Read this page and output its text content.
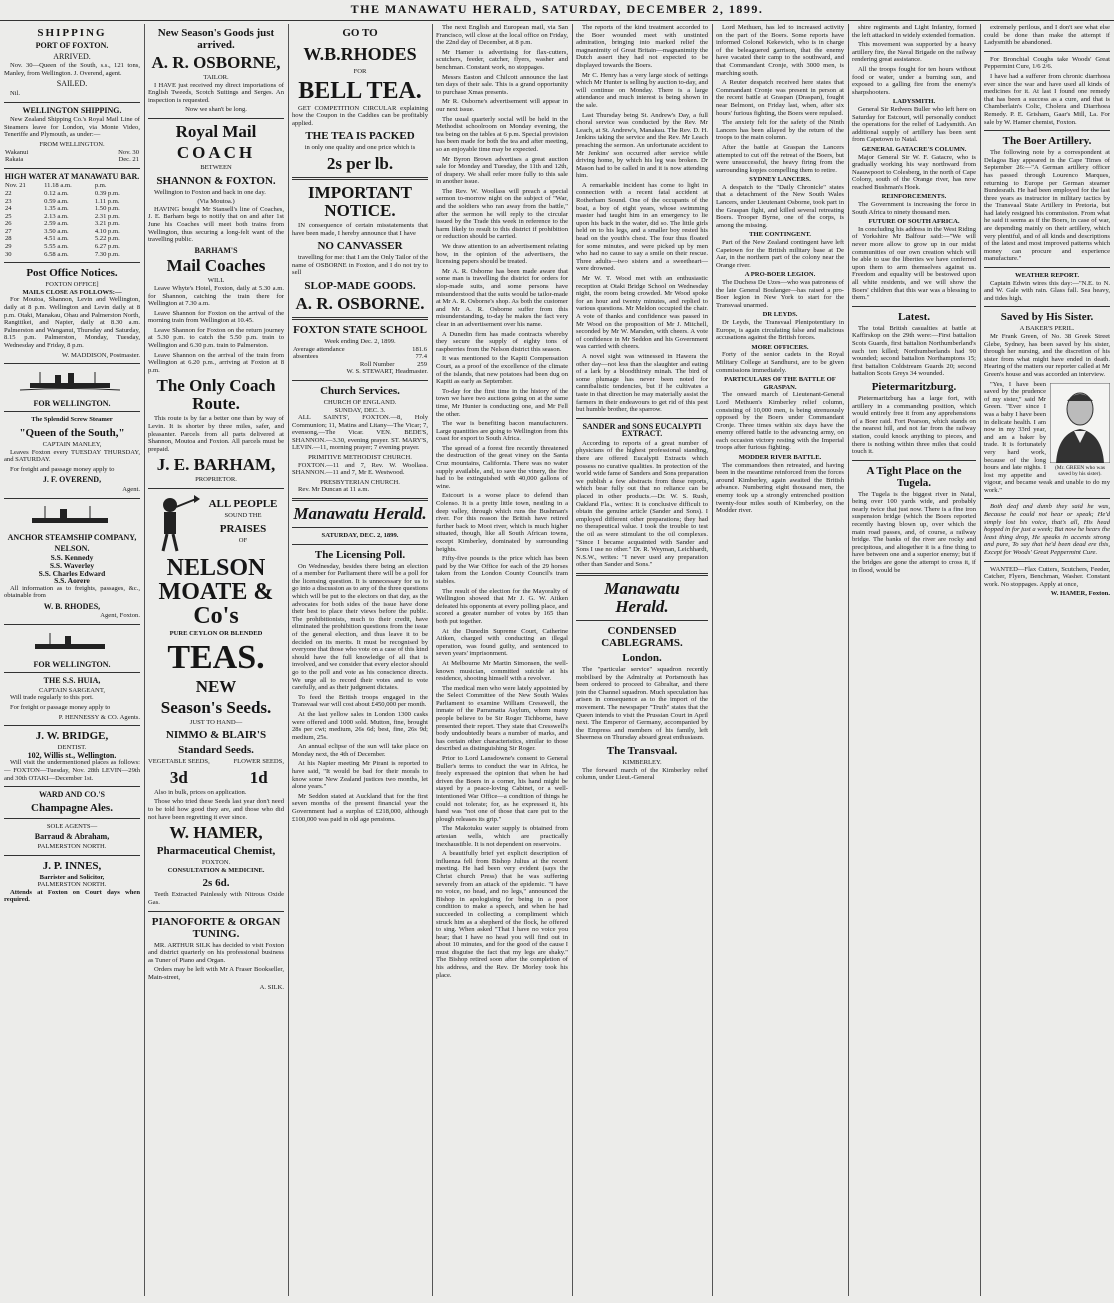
THE MANAWATU HERALD, SATURDAY, DECEMBER 2, 1899.
SHIPPING
PORT OF FOXTON.
ARRIVED.

Nov. 30—Queen of the South, s.s., 121 tons, Manley, from Wellington. J. Overend, agent.

SAILED.

Nil.

WELLINGTON SHIPPING.

New Zealand Shipping Co.'s Royal Mail Line of Steamers leave for London, via Monte Video, Teneriffe and Plymouth, as under:—

FROM WELLINGTON.
Wakanui	Nov. 30
Rakaia	Dec. 21
HIGH WATER AT MANAWATU BAR.
Nov. 21	11.18 a.m.	p.m.
22	0.12 a.m.	0.39 p.m.
23	0.59 a.m.	1.11 p.m.
24	1.35 a.m.	1.50 p.m.
25	2.13 a.m.	2.31 p.m.
26	2.59 a.m.	3.21 p.m.
27	3.50 a.m.	4.10 p.m.
28	4.51 a.m.	5.22 p.m.
29	5.55 a.m.	6.27 p.m.
30	6.58 a.m.	7.30 p.m.
Post Office Notices.
FOXTON OFFICE]
MAILS CLOSE AS FOLLOWS:—

For Moutoa, Shannon, Levin and Wellington, daily at 8 p.m. Wellington and Levin daily at 8 p.m. Otaki, Manakau, Ohau and Palmerston North, Rangitikei, and Napier, daily at 8.30 a.m. Palmerston and Wanganui, Thursday and Saturday, 8.15 p.m. Palmerston, Monday, Tuesday, Wednesday and Friday, 8 p.m.

W. MADDISON, Postmaster.
FOR WELLINGTON.
The Splendid Screw Steamer
"Queen of the South,"
CAPTAIN MANLEY,

Leaves Foxton every TUESDAY THURSDAY, and SATURDAY.

For freight and passage money apply to

J. F. OVEREND,
Agent.
ANCHOR STEAMSHIP COMPANY,
NELSON.
S.S. Kennedy
S.S. Waverley
S.S. Charles Edward
S.S. Aorere

All information as to freights, passages, &c., obtainable from

W. B. RHODES,
Agent, Foxton.
FOR WELLINGTON.
THE S.S. HUIA,
CAPTAIN SARGEANT,

Will trade regularly to this port.

For freight or passage money apply to

P. HENNESSY & CO. Agents.
J. W. BRIDGE,
DENTIST.
102, Willis st., Wellington.

Will visit the undermentioned places as follows:— FOXTON—Tuesday, Nov. 28th LEVIN—29th and 30th OTAKI—December 1st.

WARD AND CO.'S
Champagne Ales.
SOLE AGENTS—
Barraud & Abraham,
PALMERSTON NORTH.
J. P. INNES,
Barrister and Solicitor,
PALMERSTON NORTH.

Attends at Foxton on Court days when required.

New Season's Goods just arrived.
A. R. OSBORNE,
TAILOR.

I HAVE just received my direct importations of English Tweeds, Scotch Suitings and Serges. An inspection is requested.

Now we shan't be long.
Royal Mail
COACH
BETWEEN
SHANNON & FOXTON.

Wellington to Foxton and back in one day.

(Via Moutoa.)

HAVING bought Mr Stansell's line of Coaches, J. E. Barham begs to notify that on and after 1st June his Coaches will meet both trains from Wellington, thus securing a long-felt want of the travelling public.

BARHAM'S
Mail Coaches
WILL

Leave Whyte's Hotel, Foxton, daily at 5.30 a.m. for Shannon, catching the train there for Wellington at 7.30 a.m.

Leave Shannon for Foxton on the arrival of the morning train from Wellington at 10.45.

Leave Shannon for Foxton on the return journey at 5.30 p.m. to catch the 5.50 p.m. train to Wellington and 6.30 p.m. train to Palmerston.

Leave Shannon on the arrival of the train from Wellington at 6.20 p.m., arriving at Foxton at 8 p.m.

The Only Coach Route.

This route is by far a better one than by way of Levin. It is shorter by three miles, safer, and pleasanter. Parcels from all parts delivered at Shannon, Moutoa and Foxton. All parcels must be prepaid.

J. E. BARHAM,
PROPRIETOR.
ALL PEOPLE
SOUND THE
PRAISES
OF
NELSON MOATE & Co's
PURE CEYLON OR BLENDED
TEAS.
NEW
Season's Seeds.
JUST TO HAND—
NIMMO & BLAIR'S
Standard Seeds.
VEGETABLE SEEDS,
3d
FLOWER SEEDS,
1d

Also in bulk, prices on application.

Those who tried these Seeds last year don't need to be told how good they are, and those who did not have been regretting it ever since.

W. HAMER,
Pharmaceutical Chemist,
FOXTON.
CONSULTATION & MEDICINE.
2s 6d.

Teeth Extracted Painlessly with Nitrous Oxide Gas.

PIANOFORTE & ORGAN TUNING.

MR. ARTHUR SILK has decided to visit Foxton and district quarterly on his professional business as Tuner of Piano and Organ.

Orders may be left with Mr A Fraser Bookseller, Main-street,

A. SILK.
GO TO
W.B.RHODES
FOR
BELL TEA.

GET COMPETITION CIRCULAR explaining how the Coupon in the Caddies can be profitably applied.

THE TEA IS PACKED
in only one quality and one price which is
2s per lb.
IMPORTANT NOTICE.

IN consequence of certain misstatements that have been made, I hereby announce that I have

NO CANVASSER

travelling for me: that I am the Only Tailor of the name of OSBORNE in Foxton, and I do not try to sell

SLOP-MADE GOODS.
A. R. OSBORNE.
FOXTON STATE SCHOOL
Week ending Dec. 2, 1899.
Average attendance	181.6
absentees	77.4
Roll Number	259
W. S. STEWART, Headmaster.
Church Services.
CHURCH OF ENGLAND.
SUNDAY, DEC. 3.

ALL SAINTS', FOXTON.—8, Holy Communion; 11, Matins and Litany—The Vicar; 7, evensong,—The Vicar. VEN. BEDE'S, SHANNON.—3.30, evening prayer. ST. MARY'S, LEVIN.—11, morning prayer; 7 evening prayer.

PRIMITIVE METHODIST CHURCH.

FOXTON.—11 and 7, Rev. W. Woollass. SHANNON.—11 and 7, Mr E. Westwood.

PRESBYTERIAN CHURCH.

Rev. Mr Duncan at 11 a.m.

Manawatu Herald.
SATURDAY, DEC. 2, 1899.
The Licensing Poll.

On Wednesday, besides there being an election of a member for Parliament there will be a poll for the licensing question. It is unnecessary for us to go into a discussion as to any of the three questions which will be put to the electors on that day, as the advocates for both sides of the issue have done their best to place their views before the public. The prohibitionists, much to their credit, have eliminated the prohibition questions from the issue of the general election, and thus leave it to be decided on its merits. It must be recognised by everyone that those who vote on a case of this kind should have the full knowledge of all that is involved, and we consider that every elector should go to the poll and vote as his conscience directs. We urge all to record their votes and to vote carefully, and as their judgment dictates.

To feed the British troops engaged in the Transvaal war will cost about £450,000 per month.

At the last yellow sales in London 1300 casks were offered and 1000 sold. Mutton, fine, brought 28s per cwt; medium, 26s 6d; best, fine, 26s 9d; medium, 25s.

An annual eclipse of the sun will take place on Monday next, the 4th of December.

At his Napier meeting Mr Pirani is reported to have said, "It would be bad for their morals to know some New Zealand justices two months, let alone years."

Mr Seddon stated at Auckland that for the first seven months of the present financial year the Government had a surplus of £218,000, although £100,000 was paid in old age pensions.

The next English and European mail, via San Francisco, will close at the local office on Friday, the 22nd day of December, at 8 p.m.

Mr Hamer is advertising for flax-cutters, scutchers, feeder, catcher, flyers, washer and benchman. Constant work, no stoppages.

Messrs Easton and Chilcott announce the last ten days of their sale. This is a grand opportunity to purchase Xmas presents.

Mr R. Osborne's advertisement will appear in our next issue.

The usual quarterly social will be held in the Methodist schoolroom on Monday evening, the tea being on the tables at 6 p.m. Special provision has been made for both the tea and after meeting, so an enjoyable time may be expected.

Mr Byron Brown advertises a great auction sale for Monday and Tuesday, the 11th and 12th, of drapery. We shall refer more fully to this sale in another issue.

The Rev. W. Woollass will preach a special sermon to-morrow night on the subject of "War, and the soldiers who ran away from the battle," after the sermon he will reply to the circular issued by the Trade this week in reference to the harm likely to result to this district if prohibition or reduction should be carried.

We draw attention to an advertisement relating how, in the opinion of the advertisers, the licensing papers should be treated.

Mr A. R. Osborne has been made aware that some man is travelling the district for orders for slop-made suits, and some persons have misunderstood that the suits would be tailor-made at Mr A. R. Osborne's shop. As both the customer and Mr A. R. Osborne suffer from this misunderstanding, to-day he makes the fact very clear in an advertisement over his name.

A Dunedin firm has made contracts whereby they secure the supply of eighty tons of raspberries from the Nelson district this season.

It was mentioned to the Kapiti Compensation Court, as a proof of the excellence of the climate of the islands, that new potatoes had been dug on Kapiti as early as September.

To-day for the first time in the history of the town we have two auctions going on at the same time, Mr Hunter is conducting one, and Mr Fell the other.

The war is benefiting bacon manufacturers. Large quantities are going to Wellington from this coast for export to South Africa.

The spread of a forest fire recently threatened the destruction of the great viney on the Santa Cruz mountains, California. There was no water supply available, and, to save the vinery, the fire had to be extinguished with 40,000 gallons of wine.

Estcourt is a worse place to defend than Colenso. It is a pretty little town, nestling in a deep valley, through which runs the Bushman's river. For this reason the British have retired further back to Mooi river, which is much higher situated, though, like all South African towns, except Kimberley, dominated by surrounding heights.

Fifty-five pounds is the price which has been paid by the War Office for each of the 29 horses taken from the London County Council's tram stables.

The result of the election for the Mayoralty of Wellington showed that Mr J. G. W. Aitken defeated his opponents at every polling place, and scored a greater number of votes by 165 than both put together.

At the Dunedin Supreme Court, Catherine Aitken, charged with conducting an illegal operation, was found guilty, and sentenced to seven years' imprisonment.

At Melbourne Mr Martin Simonsen, the well-known musician, committed suicide at his residence, shooting himself with a revolver.

The medical men who were lately appointed by the Select Committee of the New South Wales Parliament to examine William Cresswell, the inmate of the Parramatta Asylum, whom many people believe to be Sir Roger Tichborne, have presented their report. They state that Cresswell's body undoubtedly bears a number of marks, and has certain other characteristics, similar to those described as distinguishing Sir Roger.

Prior to Lord Lansdowne's consent to General Buller's terms to conduct the war in Africa, he freely expressed the opinion that when he had driven the Boers in a corner, his hand might be stayed by a peace-loving Cabinet, or a well-intentioned War Office—a condition of things he could not tolerate; for, as he expressed it, his hand was "not one of those that care put to the plough releases its grip."

The Makotuku water supply is obtained from artesian wells, which are practically inexhaustible. It is not dependent on reservoirs.

A beautifully brief yet explicit description of influenza fell from Bishop Julius at the recent meeting. He had been very evident (says the Christ church Press) that he was suffering severely from an attack of the epidemic. "I have no voice, no head, and no legs," announced the Bishop in apologising for being in a poor condition to make a speech, and when he had succeeded in collecting a compliment which struck him as a shepherd of the flock, he offered to sing. When asked "That I have no voice you hear; that I have no head you will find out in about 10 minutes, and for the good of the cause I must disguise the fact that my legs are shaky." The Bishop retired soon after the completion of his address, and the Rev. Dr Morley took his place.

The reports of the kind treatment accorded to the Boer wounded meet with unstinted admiration, bringing into marked relief the magnanimity of Great Britain—magnanimity the Dutch assert they had not expected to be displayed towards the Boers.

Mr C. Henry has a very large stock of settings which Mr Hunter is selling by auction to-day, and will continue on Monday. There is a large attendance and much interest is being shown in the sale.

Last Thursday being St. Andrew's Day, a full choral service was conducted by the Rev. Mr Leach, at St. Andrew's, Manakau. The Rev. D. H. Jenkins taking the service and the Rev. Mr Leach preaching the sermon. An unfortunate accident to Mr Jenkins' son occurred after service while driving home, by which his leg was broken. Dr Mason had to be called in and it is now attending him.

A remarkable incident has come to light in connection with a recent fatal accident at Rotherham Sound. One of the occupants of the boat, a boy of eight years, whose swimming master had taught him in an emergency to lie upon his back in the water, did so. The little girls held on to his legs, and a smaller boy rested his head on the youth's chest. The four thus floated for some minutes, and were picked up by men who had no cause to say a smile on their rescue. Three adults—two sisters and a sweetheart—were drowned.

Mr W. T. Wood met with an enthusiastic reception at Otaki Bridge School on Wednesday night, the room being crowded. Mr Wood spoke for an hour and twenty minutes, and replied to various questions. Mr Meldon occupied the chair. A vote of thanks and confidence was passed in Mr Wood on the proposition of Mr J. Mitchell, seconded by Mr W. Marsden, with cheers. A vote of confidence in Mr Seddon and his Government was carried with cheers.

A novel sight was witnessed in Hawera the other day—not less than the slaughter and eating of a lark by a bloodthirsty minah. The bird of some plumage has never been noted for cannibalistic tendencies, but if he cultivates a taste in that direction he may materially assist the farmers in their endeavours to get rid of this pest but humble brother, the sparrow.

SANDER and SONS EUCALYPTI EXTRACT.

According to reports of a great number of physicians of the highest professional standing, there are offered Eucalypti Extracts which possess no curative qualities. In protection of the world wide fame of Sanders and Sons preparation we publish a few abstracts from these reports, which bear fully out that no reliance can be placed in other products.—Dr. W. S. Rush, Oakland Fla., writes: It is conclusive difficult to obtain the genuine article (Sander and Sons). I employed different other preparations; they had no therapeutical value. I took the trouble to test the oil as were stimulant to the oil complexes. "Since I became acquainted with Sander and Sons I use no other." Dr. R. Weyman, Leichhardt, N.S.W., writes: "I never used any preparation other than Sander and Sons."

Manawatu Herald.
CONDENSED CABLEGRAMS.
London.

The "particular service" squadron recently mobilised by the Admiralty at Portsmouth has been ordered to proceed to Gibraltar, and there join the Channel squadron. Much speculation has arisen in consequence as to the import of the movement. The newspaper "Truth" states that the Queen intends to visit the Prussian Court in April next. The Emperor of Germany, accompanied by the Empress and members of his family, left Sheerness on Thursday aboard great enthusiasm.

The Transvaal.
KIMBERLEY.

The forward march of the Kimberley relief column, under Lieut.-General

Lord Methuen, has led to increased activity on the part of the Boers. Some reports have informed Colonel Kekewich, who is in charge of the beleaguered garrison, that the enemy have vacated their camp to the southward, and that Commandant Cronje, with 3000 men, is marching south.

A Reuter despatch received here states that Commandant Cronje was present in person at the recent battle at Graspan (Draspan), fought near Belmont, on Friday last, when, after six hours' furious fighting, the Boers were repulsed.

The anxiety felt for the safety of the Ninth Lancers has been allayed by the return of the troops to the main column.

After the battle at Graspan the Lancers attempted to cut off the retreat of the Boers, but were unsuccessful, the heavy firing from the surrounding kopjes compelling them to retire.

SYDNEY LANCERS.

A despatch to the "Daily Chronicle" states that a detachment of the New South Wales Lancers, under Lieutenant Osborne, took part in the Graspan fight, and killed several retreating Boers. Trooper Byrne, one of the corps, is among the missing.

THE CONTINGENT.

Part of the New Zealand contingent have left Capetown for the British military base at De Aar, in the northern part of the colony near the Orange river.

A PRO-BOER LEGION.

The Duchess De Uzes—who was patroness of the late General Boulanger—has raised a pro-Boer legion in New York to start for the Transvaal unarmed.

DR LEYDS.

Dr Leyds, the Transvaal Plenipotentiary in Europe, is again circulating false and malicious accusations against the British forces.

MORE OFFICERS.

Forty of the senior cadets in the Royal Military College at Sandhurst, are to be given commissions immediately.

PARTICULARS OF THE BATTLE OF GRASPAN.

The onward march of Lieutenant-General Lord Methuen's Kimberley relief column, consisting of 10,000 men, is being strenuously opposed by the Boers under Commandant Cronje. Three times within six days have the enemy offered battle to the advancing army, on each occasion victory resting with the Imperial troops after furious fighting.

MODDER RIVER BATTLE.

The commandoes then retreated, and having been in the meantime reinforced from the forces around Kimberley, again awaited the British advance. Numbering eight thousand men, the enemy took up a strongly entrenched position twenty-four miles south of Kimberley, on the Modder river.

shire regiments and Light Infantry, formed the left attacked in widely extended formation.

This movement was supported by a heavy artillery fire, the Naval Brigade on the railway rendering great assistance.

All the troops fought for ten hours without food or water, under a burning sun, and exposed to a galling fire from the enemy's sharpshooters.

LADYSMITH.

General Sir Redvers Buller who left here on Saturday for Estcourt, will personally conduct the operations for the relief of Ladysmith. An additional supply of artillery has been sent from Capetown to Natal.

GENERAL GATACRE'S COLUMN.

Major General Sir W. F. Gatacre, who is gradually working his way northward from Naauwpoort to Colesberg, in the north of Cape Colony, south of the Orange river, has now reached Bushman's Hoek.

REINFORCEMENTS.

The Government is increasing the force in South Africa to ninety thousand men.

FUTURE OF SOUTH AFRICA.

In concluding his address in the West Riding of Yorkshire Mr Balfour said:—"We will never more allow to grow up in our midst communities of our own creation which will be able to use the liberties we have conferred upon them to arm themselves against us. Freedom and equality will be bestowed upon all white residents, and we will show the Boers' children that this war was a blessing to them."

Latest.

The total British casualties at battle at Kaffirskop on the 29th were:—First battalion Scots Guards, first battalion Northumberland's each ten killed; Northumberlands had 90 wounded; second battalion Northamptons 15; first battalion Coldstream Guards 20; second battalion Scots Greys 34 wounded.

Pietermaritzburg.

Pietermaritzburg has a large fort, with artillery in a commanding position, which would entirely free it from any apprehensions of a Boer raid. Fort Pearson, which stands on the nearest hill, and not far from the railway station, could knock anything to pieces, and there is nothing within three miles that could touch it.

A Tight Place on the Tugela.

The Tugela is the biggest river in Natal, being over 100 yards wide, and probably nearly twice that just now. There is a fine iron suspension bridge (which the Boers reported recently having blown up, over which the main road passes, and, of course, a railway bridge. The banks of the river are rocky and precipitous, and altogether it is a fine thing to have between one and a superior enemy; but if the bridges are gone the attempt to cross it, if in flood, would be

extremely perilous, and I don't see what else could be done than make the attempt if Ladysmith be abandoned.

For Bronchial Coughs take Woods' Great Peppermint Cure, 1/6 2/6.

I have had a sufferer from chronic diarrhoea ever since the war and have used all kinds of medicines for it. At last I found one remedy that has been a success as a cure, and that is Chamberlain's Colic, Cholera and Diarrhoea Remedy. P. E. Grisham, Gaar's Mill, La. For sale by W. Hamer chemist, Foxton.

The Boer Artillery.

The following note by a correspondent at Delagoa Bay appeared in the Cape Times of September 26:—"A German artillery officer has passed through Lourenco Marques, returning to Europe per German steamer Bundesrath. He had been employed for the last three years as instructor in military tactics by the Transvaal State Artillery in Pretoria, but had lately resigned his commission. From what he said it seems as if the Boers, in case of war, are depending mainly on their artillery, which very plentiful, and of all kinds and descriptions of the latest and most improved patterns which money can procure and experience manufacture."

WEATHER REPORT.

Captain Edwin wires this day:—"N.E. to N. and W. Gale with rain. Glass fall. Sea heavy, and tides high.

Saved by His Sister.
A BAKER'S PERIL.

Mr Frank Green, of No. 38 Greek Street Glebe, Sydney, has been saved by his sister, through her nursing, and the discretion of his sister from what might have ended in death. Hearing of the matters our reporter called at Mr Green's house and was accorded an interview.

(Mr. GREEN who was saved by his sister).

"Yes, I have been saved by the prudence of my sister," said Mr Green. "Ever since I was a baby I have been in delicate health. I am now in my 33rd year, and am a baker by trade. It is fortunately very hard work, because of the long hours and late nights. I lost my appetite and vigour, and became weak and unable to do my work."

Both deaf and dumb they said he was, Because he could not hear or speak; He'd simply lost his voice, that's all, His head hopped in for just a week; But now he hears the least thing drop, He speaks in accents strong and pure, To say that he'd been dead ere this, Except for Woods' Great Peppermint Cure.

WANTED—Flax Cutters, Scutchers, Feeder, Catcher, Flyers, Benchman, Washer. Constant work. No stoppages. Apply at once,

W. HAMER, Foxton.
